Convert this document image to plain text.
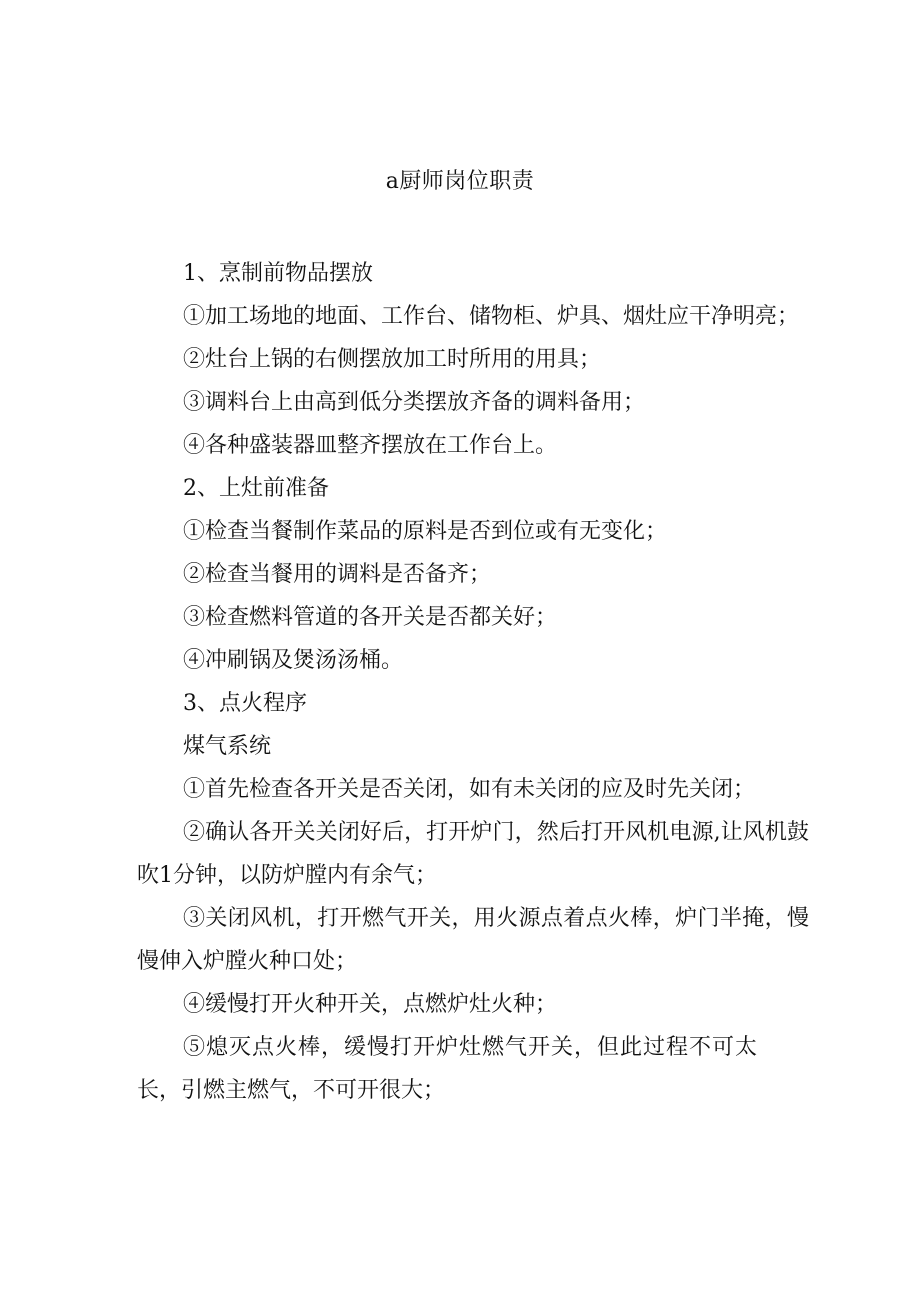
a厨师岗位职责

1、烹制前物品摆放

①加工场地的地面、工作台、储物柜、炉具、烟灶应干净明亮；

②灶台上锅的右侧摆放加工时所用的用具；

③调料台上由高到低分类摆放齐备的调料备用；

④各种盛装器皿整齐摆放在工作台上。

2、上灶前准备

①检查当餐制作菜品的原料是否到位或有无变化；

②检查当餐用的调料是否备齐；

③检查燃料管道的各开关是否都关好；

④冲刷锅及煲汤汤桶。

3、点火程序

煤气系统

①首先检查各开关是否关闭，如有未关闭的应及时先关闭；

②确认各开关关闭好后，打开炉门，然后打开风机电源,让风机鼓吹1分钟，以防炉膛内有余气；

③关闭风机，打开燃气开关，用火源点着点火棒，炉门半掩，慢慢伸入炉膛火种口处；

④缓慢打开火种开关，点燃炉灶火种；

⑤熄灭点火棒，缓慢打开炉灶燃气开关，但此过程不可太长，引燃主燃气，不可开很大；
